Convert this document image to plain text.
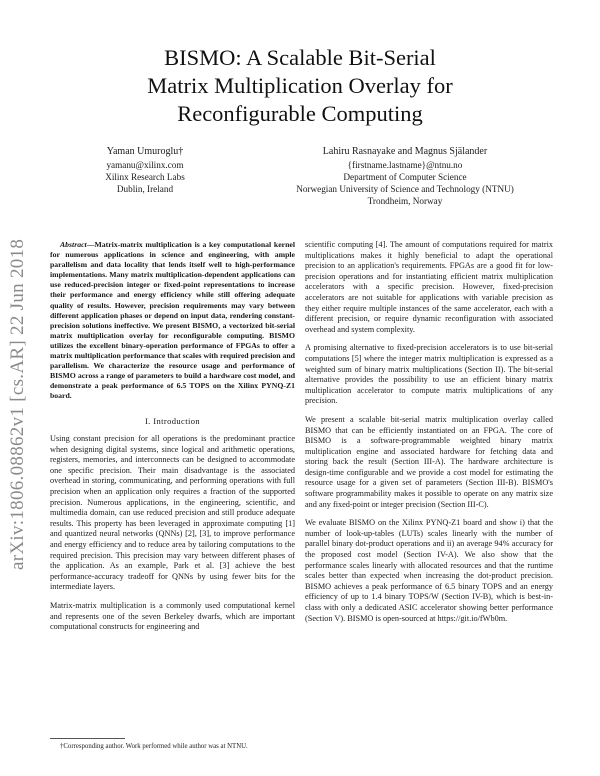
arXiv:1806.08862v1 [cs.AR] 22 Jun 2018
BISMO: A Scalable Bit-Serial
Matrix Multiplication Overlay for
Reconfigurable Computing
Yaman Umuroglu†
yamanu@xilinx.com
Xilinx Research Labs
Dublin, Ireland
Lahiru Rasnayake and Magnus Själander
{firstname.lastname}@ntnu.no
Department of Computer Science
Norwegian University of Science and Technology (NTNU)
Trondheim, Norway

Abstract—Matrix-matrix multiplication is a key computational kernel for numerous applications in science and engineering, with ample parallelism and data locality that lends itself well to high-performance implementations. Many matrix multiplication-dependent applications can use reduced-precision integer or fixed-point representations to increase their performance and energy efficiency while still offering adequate quality of results. However, precision requirements may vary between different application phases or depend on input data, rendering constant-precision solutions ineffective. We present BISMO, a vectorized bit-serial matrix multiplication overlay for reconfigurable computing. BISMO utilizes the excellent binary-operation performance of FPGAs to offer a matrix multiplication performance that scales with required precision and parallelism. We characterize the resource usage and performance of BISMO across a range of parameters to build a hardware cost model, and demonstrate a peak performance of 6.5 TOPS on the Xilinx PYNQ-Z1 board.

I. Introduction

Using constant precision for all operations is the predominant practice when designing digital systems, since logical and arithmetic operations, registers, memories, and interconnects can be designed to accommodate one specific precision. Their main disadvantage is the associated overhead in storing, communicating, and performing operations with full precision when an application only requires a fraction of the supported precision. Numerous applications, in the engineering, scientific, and multimedia domain, can use reduced precision and still produce adequate results. This property has been leveraged in approximate computing [1] and quantized neural networks (QNNs) [2], [3], to improve performance and energy efficiency and to reduce area by tailoring computations to the required precision. This precision may vary between different phases of the application. As an example, Park et al. [3] achieve the best performance-accuracy tradeoff for QNNs by using fewer bits for the intermediate layers.

Matrix-matrix multiplication is a commonly used computational kernel and represents one of the seven Berkeley dwarfs, which are important computational constructs for engineering and

scientific computing [4]. The amount of computations required for matrix multiplications makes it highly beneficial to adapt the operational precision to an application's requirements. FPGAs are a good fit for low-precision operations and for instantiating efficient matrix multiplication accelerators with a specific precision. However, fixed-precision accelerators are not suitable for applications with variable precision as they either require multiple instances of the same accelerator, each with a different precision, or require dynamic reconfiguration with associated overhead and system complexity.

A promising alternative to fixed-precision accelerators is to use bit-serial computations [5] where the integer matrix multiplication is expressed as a weighted sum of binary matrix multiplications (Section II). The bit-serial alternative provides the possibility to use an efficient binary matrix multiplication accelerator to compute matrix multiplications of any precision.

We present a scalable bit-serial matrix multiplication overlay called BISMO that can be efficiently instantiated on an FPGA. The core of BISMO is a software-programmable weighted binary matrix multiplication engine and associated hardware for fetching data and storing back the result (Section III-A). The hardware architecture is design-time configurable and we provide a cost model for estimating the resource usage for a given set of parameters (Section III-B). BISMO's software programmability makes it possible to operate on any matrix size and any fixed-point or integer precision (Section III-C).

We evaluate BISMO on the Xilinx PYNQ-Z1 board and show i) that the number of look-up-tables (LUTs) scales linearly with the number of parallel binary dot-product operations and ii) an average 94% accuracy for the proposed cost model (Section IV-A). We also show that the performance scales linearly with allocated resources and that the runtime scales better than expected when increasing the dot-product precision. BISMO achieves a peak performance of 6.5 binary TOPS and an energy efficiency of up to 1.4 binary TOPS/W (Section IV-B), which is best-in-class with only a dedicated ASIC accelerator showing better performance (Section V). BISMO is open-sourced at https://git.io/fWb0m.

†Corresponding author. Work performed while author was at NTNU.
